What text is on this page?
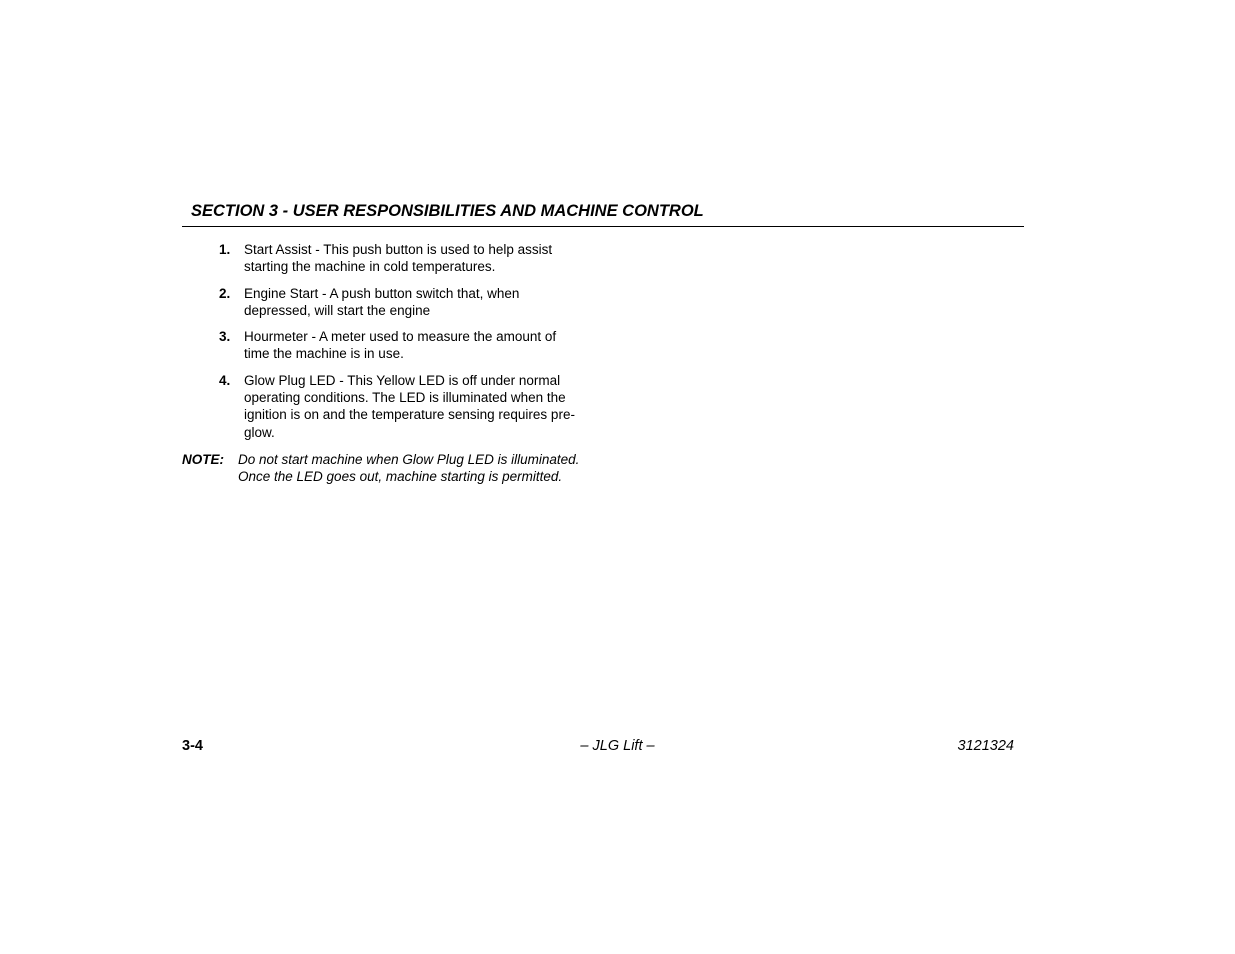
SECTION 3 - USER RESPONSIBILITIES AND MACHINE CONTROL
1. Start Assist - This push button is used to help assist
starting the machine in cold temperatures.
2. Engine Start - A push button switch that, when
depressed, will start the engine
3. Hourmeter - A meter used to measure the amount of
time the machine is in use.
4. Glow Plug LED - This Yellow LED is off under normal
operating conditions. The LED is illuminated when the
ignition is on and the temperature sensing requires pre-
glow.
NOTE: Do not start machine when Glow Plug LED is illuminated.
Once the LED goes out, machine starting is permitted.
3-4	– JLG Lift –	3121324
